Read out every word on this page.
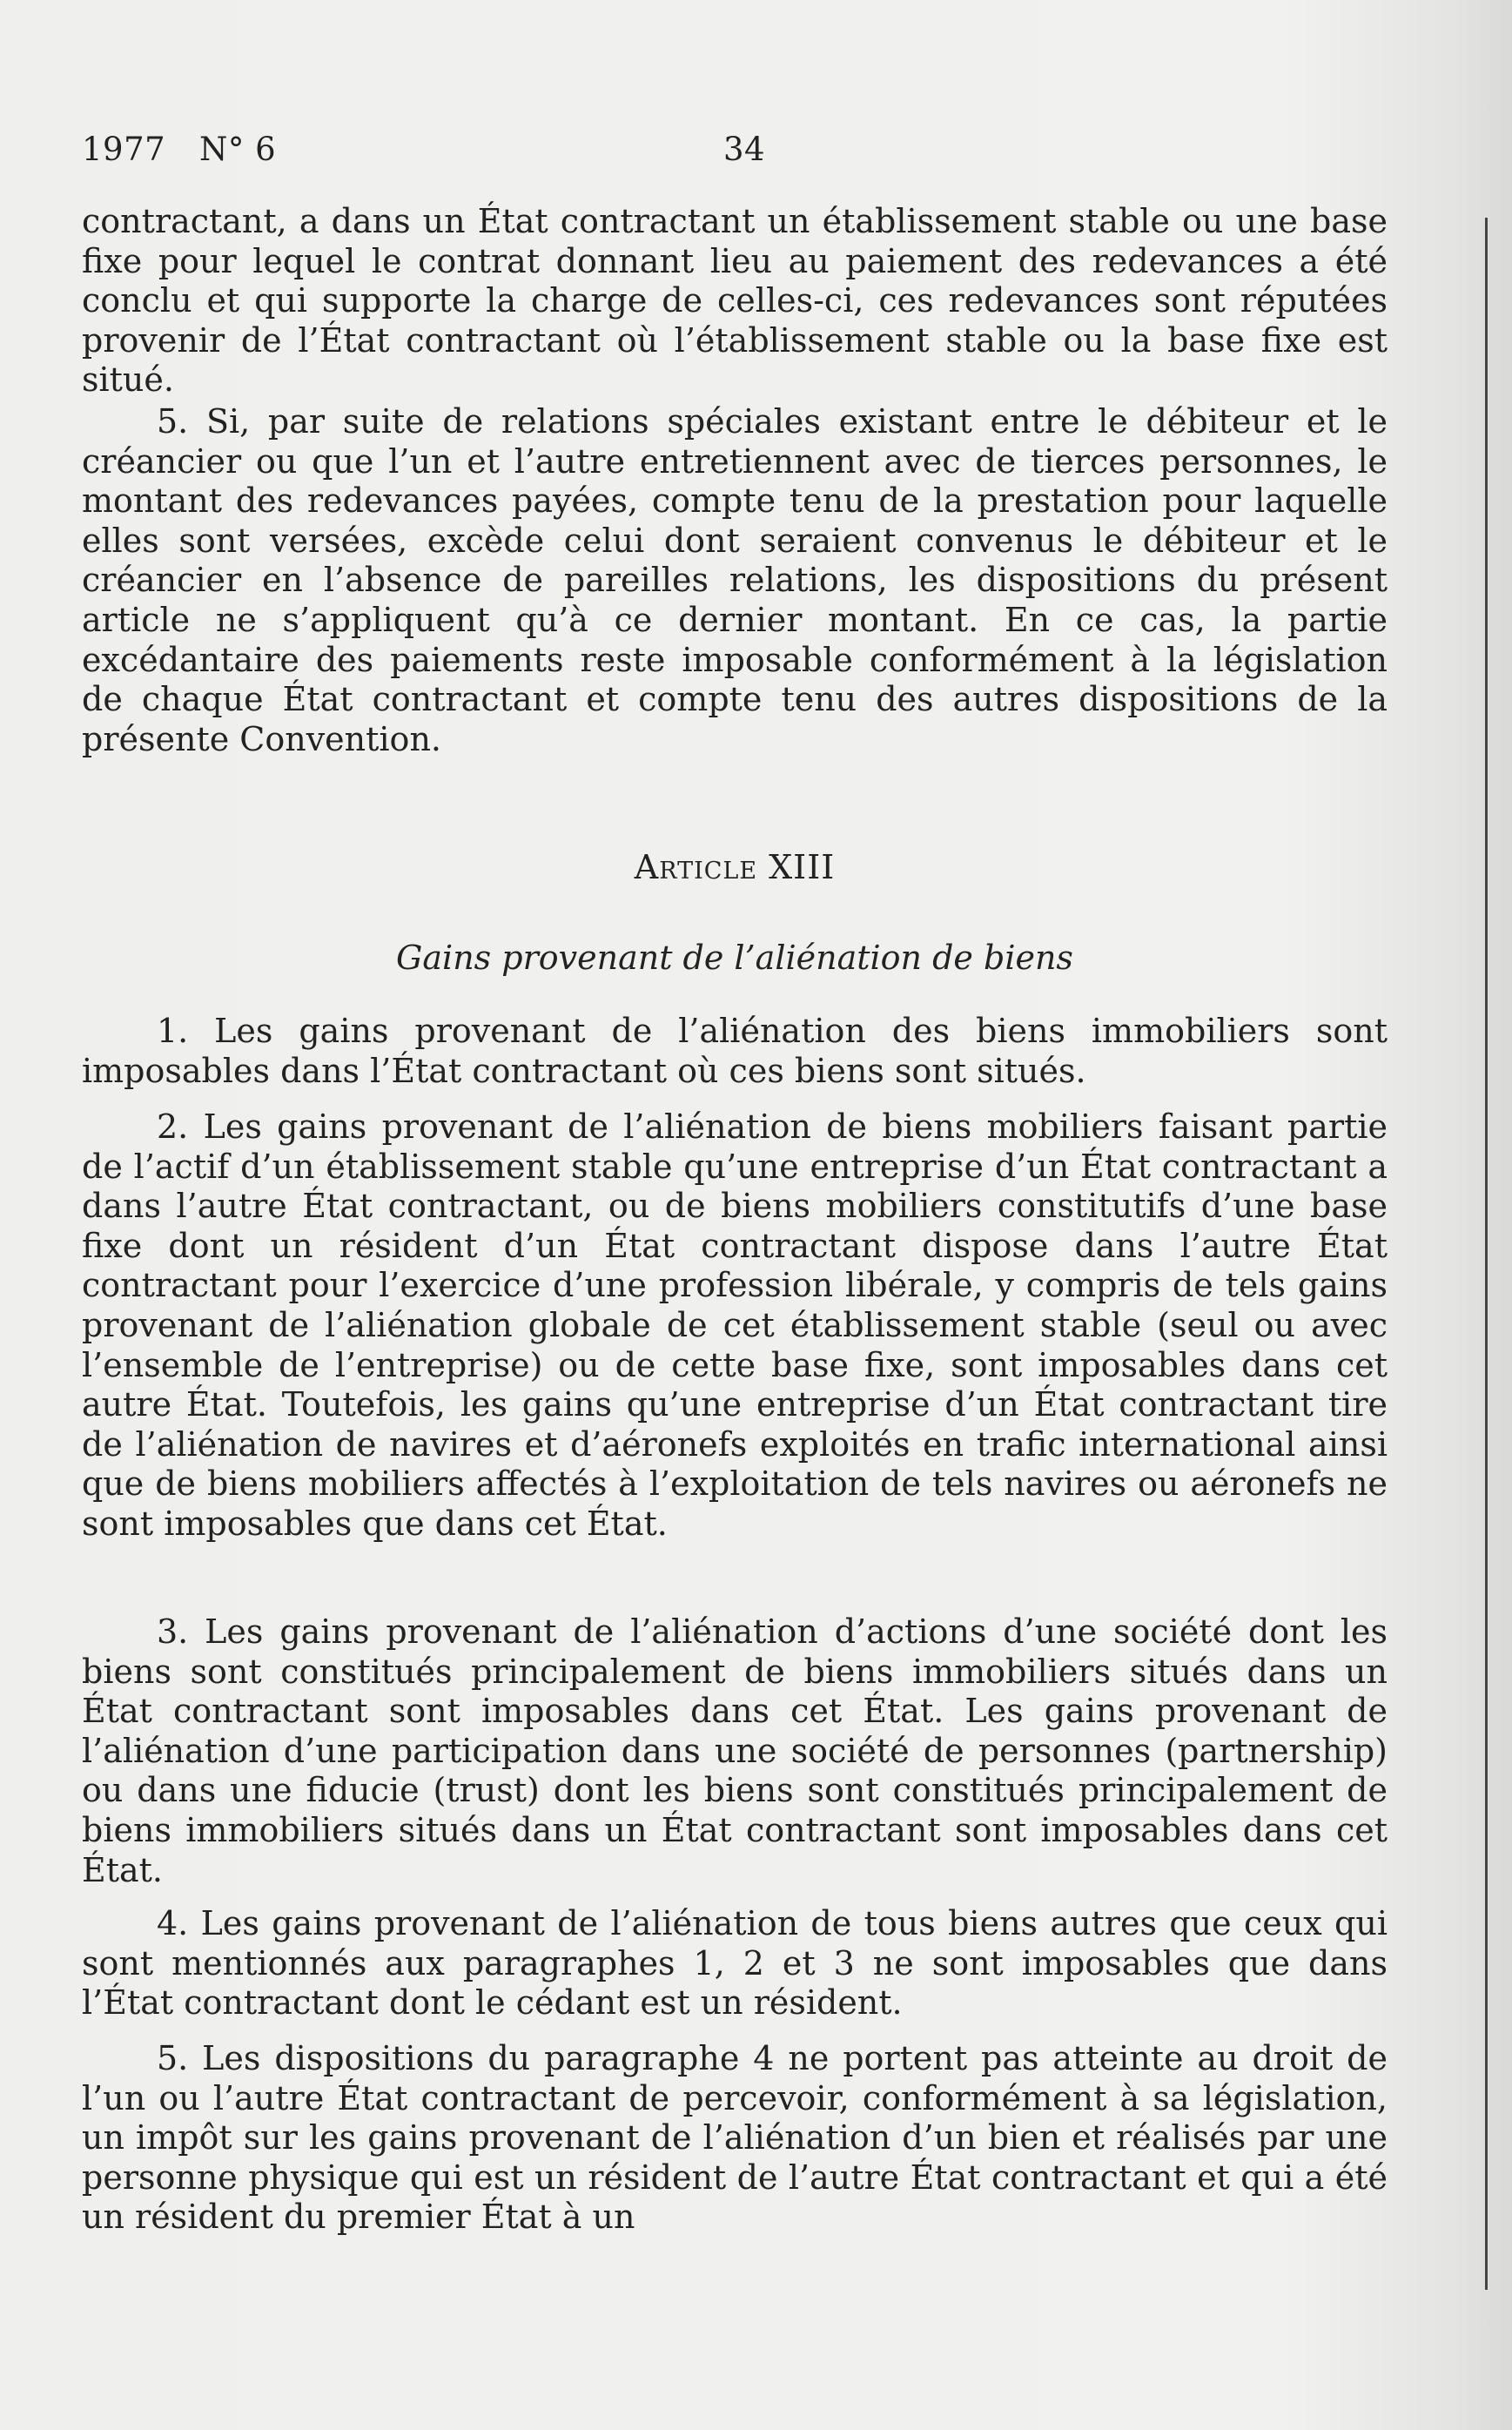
1977 N° 6	34

contractant, a dans un État contractant un établissement stable ou une base fixe pour lequel le contrat donnant lieu au paiement des redevances a été conclu et qui supporte la charge de celles-ci, ces redevances sont réputées provenir de l’État contractant où l’établissement stable ou la base fixe est situé.

5. Si, par suite de relations spéciales existant entre le débiteur et le créancier ou que l’un et l’autre entretiennent avec de tierces personnes, le montant des redevances payées, compte tenu de la prestation pour laquelle elles sont versées, excède celui dont seraient convenus le débiteur et le créancier en l’absence de pareilles relations, les dispositions du présent article ne s’appliquent qu’à ce dernier montant. En ce cas, la partie excédantaire des paiements reste imposable conformément à la législation de chaque État contractant et compte tenu des autres dispositions de la présente Convention.

Article XIII
Gains provenant de l’aliénation de biens

1. Les gains provenant de l’aliénation des biens immobiliers sont imposables dans l’État contractant où ces biens sont situés.

2. Les gains provenant de l’aliénation de biens mobiliers faisant partie de l’actif d’un établissement stable qu’une entreprise d’un État contractant a dans l’autre État contractant, ou de biens mobiliers constitutifs d’une base fixe dont un résident d’un État contractant dispose dans l’autre État contractant pour l’exercice d’une profession libérale, y compris de tels gains provenant de l’aliénation globale de cet établissement stable (seul ou avec l’ensemble de l’entreprise) ou de cette base fixe, sont imposables dans cet autre État. Toutefois, les gains qu’une entreprise d’un État contractant tire de l’aliénation de navires et d’aéronefs exploités en trafic international ainsi que de biens mobiliers affectés à l’exploitation de tels navires ou aéronefs ne sont imposables que dans cet État.

3. Les gains provenant de l’aliénation d’actions d’une société dont les biens sont constitués principalement de biens immobiliers situés dans un État contractant sont imposables dans cet État. Les gains provenant de l’aliénation d’une participation dans une société de personnes (partnership) ou dans une fiducie (trust) dont les biens sont constitués principalement de biens immobiliers situés dans un État contractant sont imposables dans cet État.

4. Les gains provenant de l’aliénation de tous biens autres que ceux qui sont mentionnés aux paragraphes 1, 2 et 3 ne sont imposables que dans l’État contractant dont le cédant est un résident.

5. Les dispositions du paragraphe 4 ne portent pas atteinte au droit de l’un ou l’autre État contractant de percevoir, conformément à sa législation, un impôt sur les gains provenant de l’aliénation d’un bien et réalisés par une personne physique qui est un résident de l’autre État contractant et qui a été un résident du premier État à un
